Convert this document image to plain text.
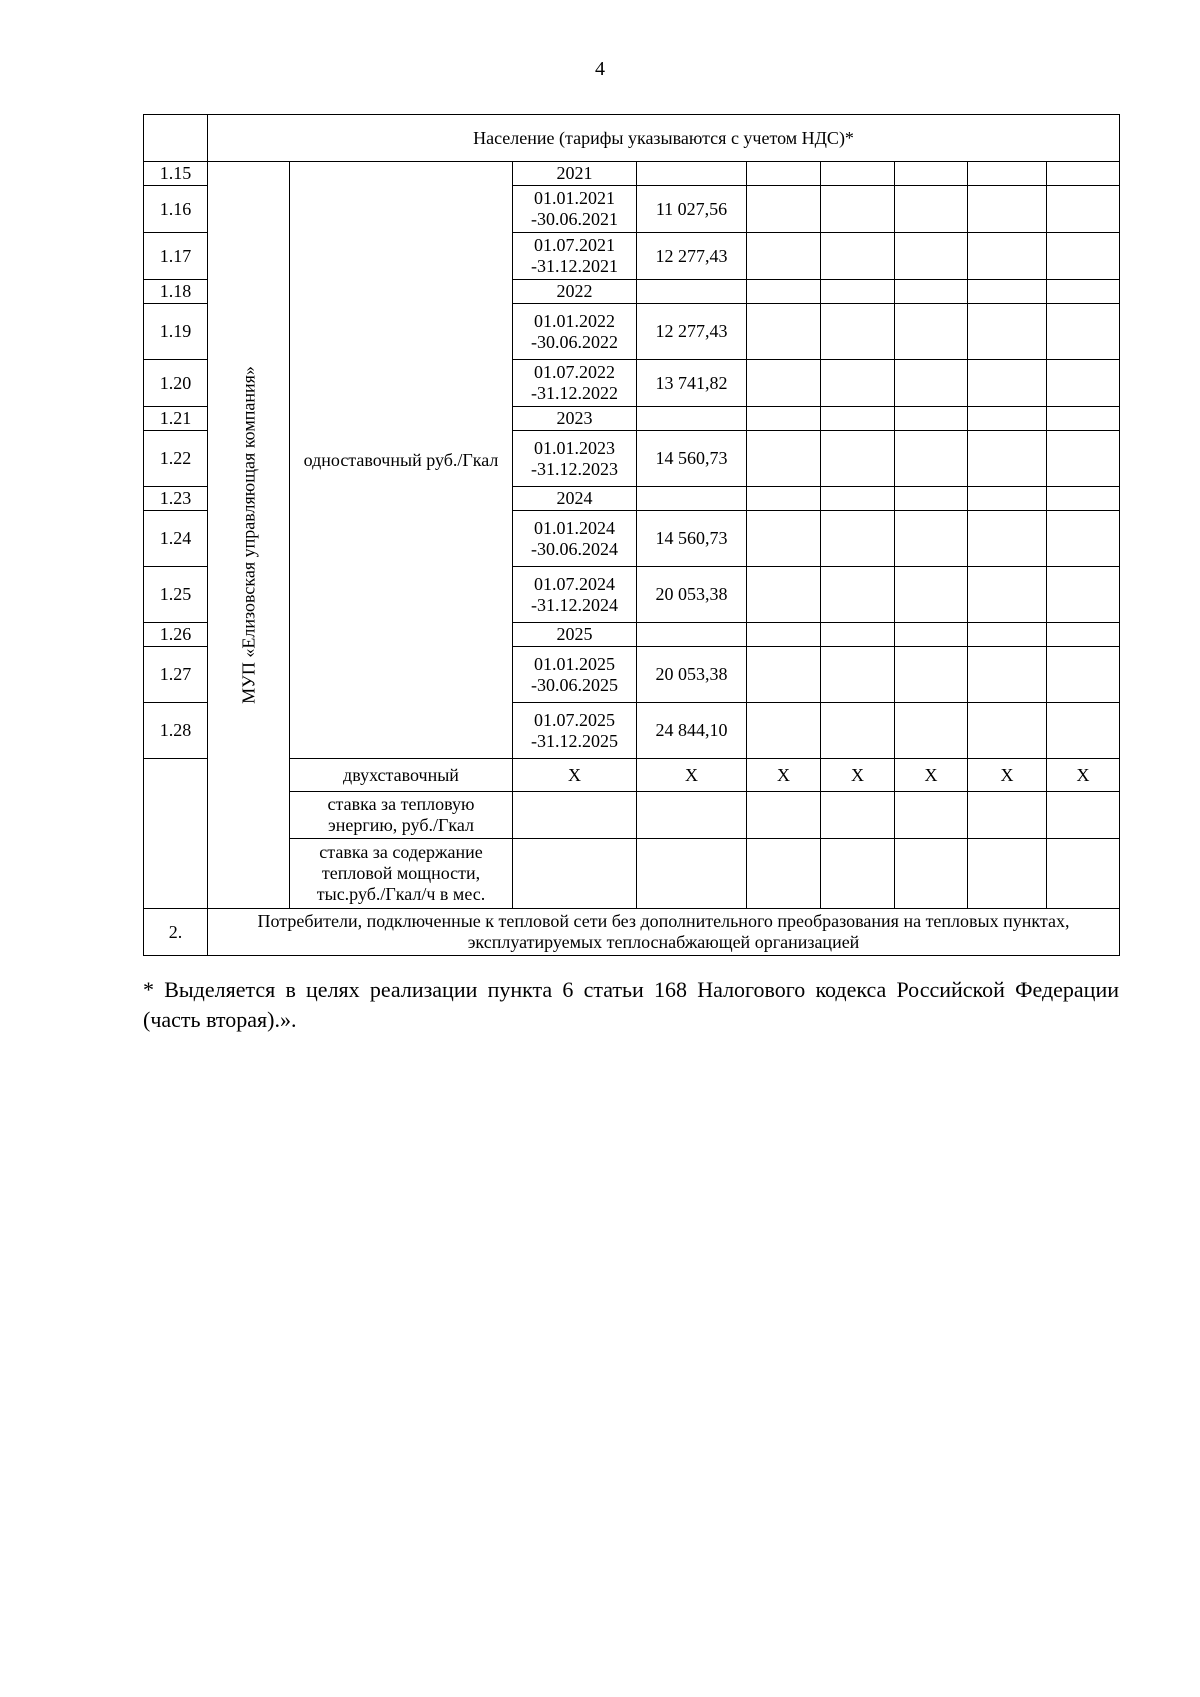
4
	Население (тарифы указываются с учетом НДС)*								
1.15	МУП «Елизовская управляющая компания»	одноставочный руб./Гкал	2021						
1.16			01.01.2021 -30.06.2021	11 027,56					
1.17			01.07.2021 -31.12.2021	12 277,43					
1.18			2022						
1.19			01.01.2022 -30.06.2022	12 277,43					
1.20			01.07.2022 -31.12.2022	13 741,82					
1.21			2023						
1.22			01.01.2023 -31.12.2023	14 560,73					
1.23			2024						
1.24			01.01.2024 -30.06.2024	14 560,73					
1.25			01.07.2024 -31.12.2024	20 053,38					
1.26			2025						
1.27			01.01.2025 -30.06.2025	20 053,38					
1.28			01.07.2025 -31.12.2025	24 844,10					
		двухставочный	X	X	X	X	X	X	X
		ставка за тепловую энергию, руб./Гкал							
		ставка за содержание тепловой мощности, тыс.руб./Гкал/ч в мес.							
2.	Потребители, подключенные к тепловой сети без дополнительного преобразования на тепловых пунктах, эксплуатируемых теплоснабжающей организацией								
* Выделяется в целях реализации пункта 6 статьи 168 Налогового кодекса Российской Федерации (часть вторая).».
